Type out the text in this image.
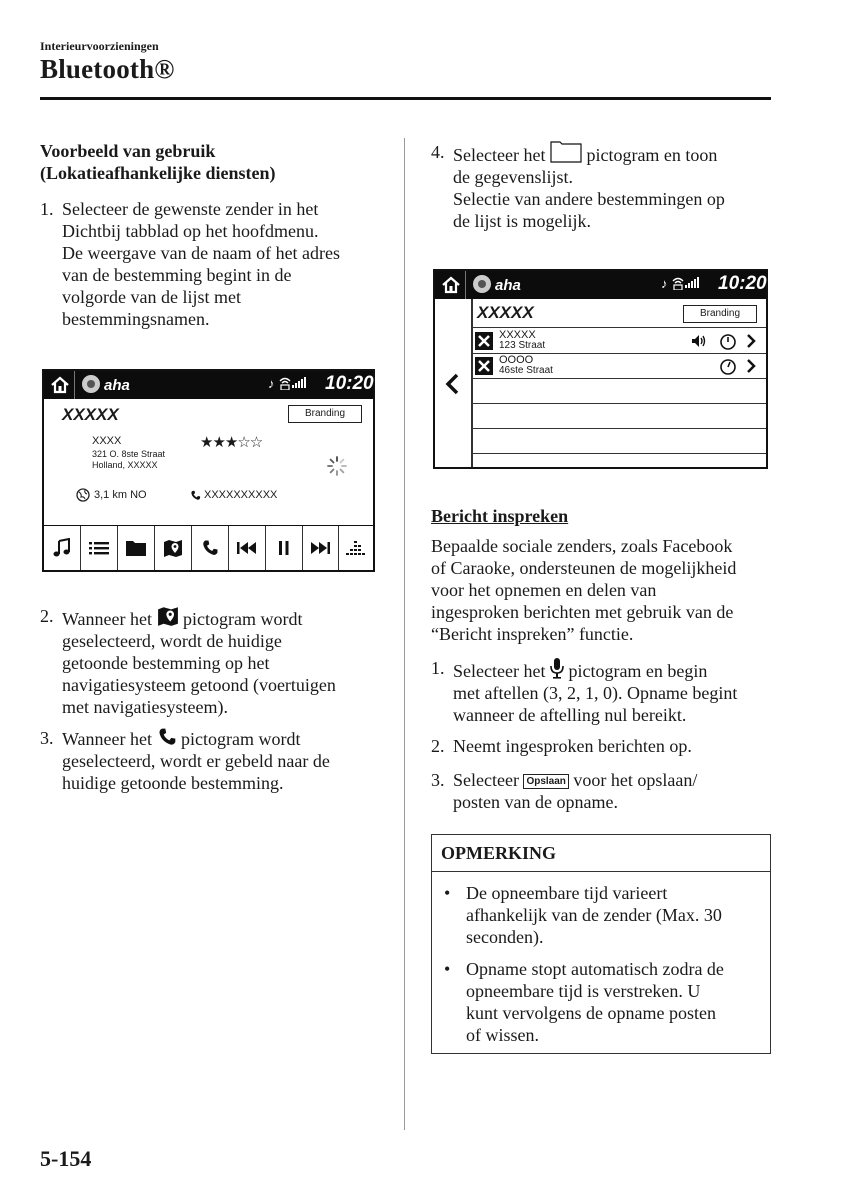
Interieurvoorzieningen
Bluetooth®
Voorbeeld van gebruik
(Lokatieafhankelijke diensten)
1. Selecteer de gewenste zender in het
Dichtbij tabblad op het hoofdmenu.
De weergave van de naam of het adres
van de bestemming begint in de
volgorde van de lijst met
bestemmingsnamen.
aha	♪	10:20
XXXXX	Branding
XXXX
321 O. 8ste Straat
Holland, XXXXX
★★★☆☆
3,1 km NO	XXXXXXXXXX
2. Wanneer het pictogram wordt
geselecteerd, wordt de huidige
getoonde bestemming op het
navigatiesysteem getoond (voertuigen
met navigatiesysteem).
3. Wanneer het pictogram wordt
geselecteerd, wordt er gebeld naar de
huidige getoonde bestemming.
4. Selecteer het pictogram en toon
de gegevenslijst.
Selectie van andere bestemmingen op
de lijst is mogelijk.
aha	♪	10:20
XXXXX	Branding
XXXXX
123 Straat
OOOO
46ste Straat
Bericht inspreken
Bepaalde sociale zenders, zoals Facebook
of Caraoke, ondersteunen de mogelijkheid
voor het opnemen en delen van
ingesproken berichten met gebruik van de
“Bericht inspreken” functie.
1. Selecteer het pictogram en begin
met aftellen (3, 2, 1, 0). Opname begint
wanneer de aftelling nul bereikt.
2. Neemt ingesproken berichten op.
3. Selecteer Opslaan voor het opslaan/
posten van de opname.
OPMERKING
• De opneembare tijd varieert
afhankelijk van de zender (Max. 30
seconden).
• Opname stopt automatisch zodra de
opneembare tijd is verstreken. U
kunt vervolgens de opname posten
of wissen.
5-154
